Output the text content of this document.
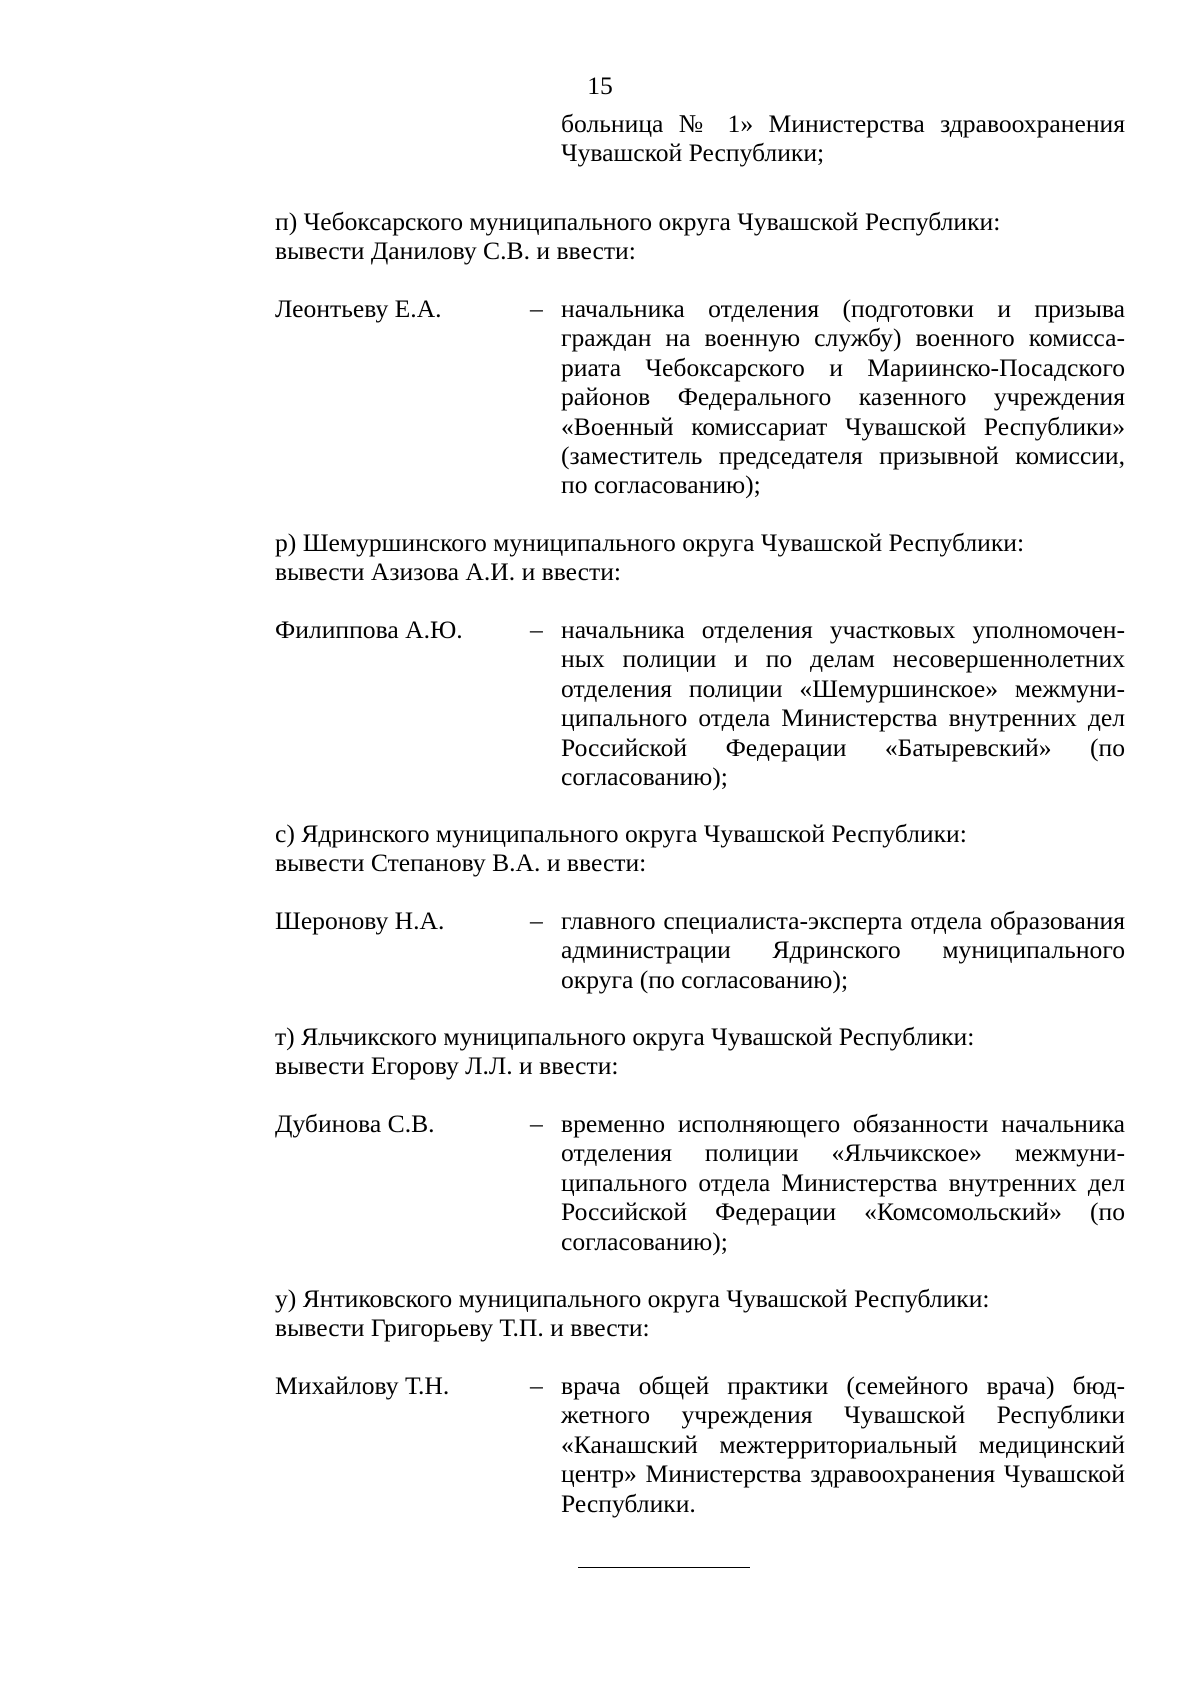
15
больница № 1» Министерства здравоохранения Чувашской Республики;
п) Чебоксарского муниципального округа Чувашской Республики:
вывести Данилову С.В. и ввести:
Леонтьеву Е.А.	– начальника отделения (подготовки и призыва граждан на военную службу) военного комиссариата Чебоксарского и Мариинско-Посадского районов Федерального казенного учреждения «Военный комиссариат Чувашской Республики» (заместитель председателя призывной комиссии, по согласованию);
р) Шемуршинского муниципального округа Чувашской Республики:
вывести Азизова А.И. и ввести:
Филиппова А.Ю.	– начальника отделения участковых уполномоченных полиции и по делам несовершеннолетних отделения полиции «Шемуршинское» межмуниципального отдела Министерства внутренних дел Российской Федерации «Батыревский» (по согласованию);
с) Ядринского муниципального округа Чувашской Республики:
вывести Степанову В.А. и ввести:
Шеронову Н.А.	– главного специалиста-эксперта отдела образования администрации Ядринского муниципального округа (по согласованию);
т) Яльчикского муниципального округа Чувашской Республики:
вывести Егорову Л.Л. и ввести:
Дубинова С.В.	– временно исполняющего обязанности начальника отделения полиции «Яльчикское» межмуниципального отдела Министерства внутренних дел Российской Федерации «Комсомольский» (по согласованию);
у) Янтиковского муниципального округа Чувашской Республики:
вывести Григорьеву Т.П. и ввести:
Михайлову Т.Н.	– врача общей практики (семейного врача) бюджетного учреждения Чувашской Республики «Канашский межтерриториальный медицинский центр» Министерства здравоохранения Чувашской Республики.
